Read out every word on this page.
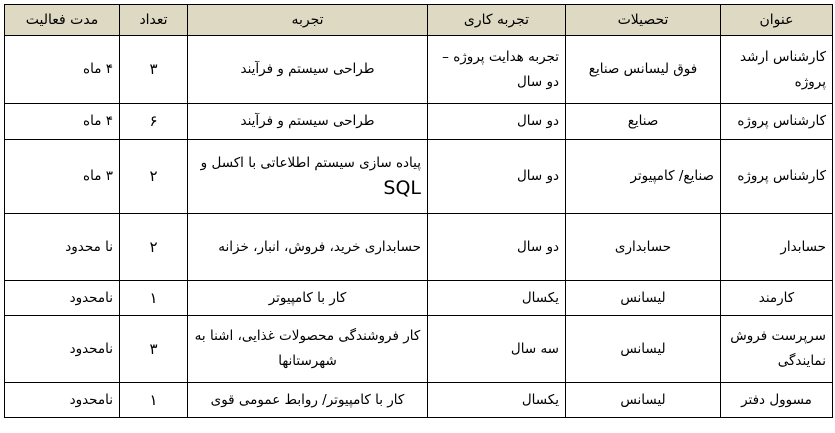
عنوان	تحصیلات	تجربه کاری	تجربه	تعداد	مدت فعالیت
کارشناس ارشد پروژه	فوق لیسانس صنایع	تجربه هدایت پروژه – دو سال	طراحی سیستم و فرآیند	۳	۴ ماه
کارشناس پروژه	صنایع	دو سال	طراحی سیستم و فرآیند	۶	۴ ماه
کارشناس پروژه	صنایع/ کامپیوتر	دو سال	پیاده سازی سیستم اطلاعاتی با اکسل و SQL	۲	۳ ماه
حسابدار	حسابداری	دو سال	حسابداری خرید، فروش، انبار، خزانه	۲	نا محدود
کارمند	لیسانس	یکسال	کار با کامپیوتر	۱	نامحدود
سرپرست فروش نمایندگی	لیسانس	سه سال	کار فروشندگی محصولات غذایی، اشنا به شهرستانها	۳	نامحدود
مسوول دفتر	لیسانس	یکسال	کار با کامپیوتر/ روابط عمومی قوی	۱	نامحدود
